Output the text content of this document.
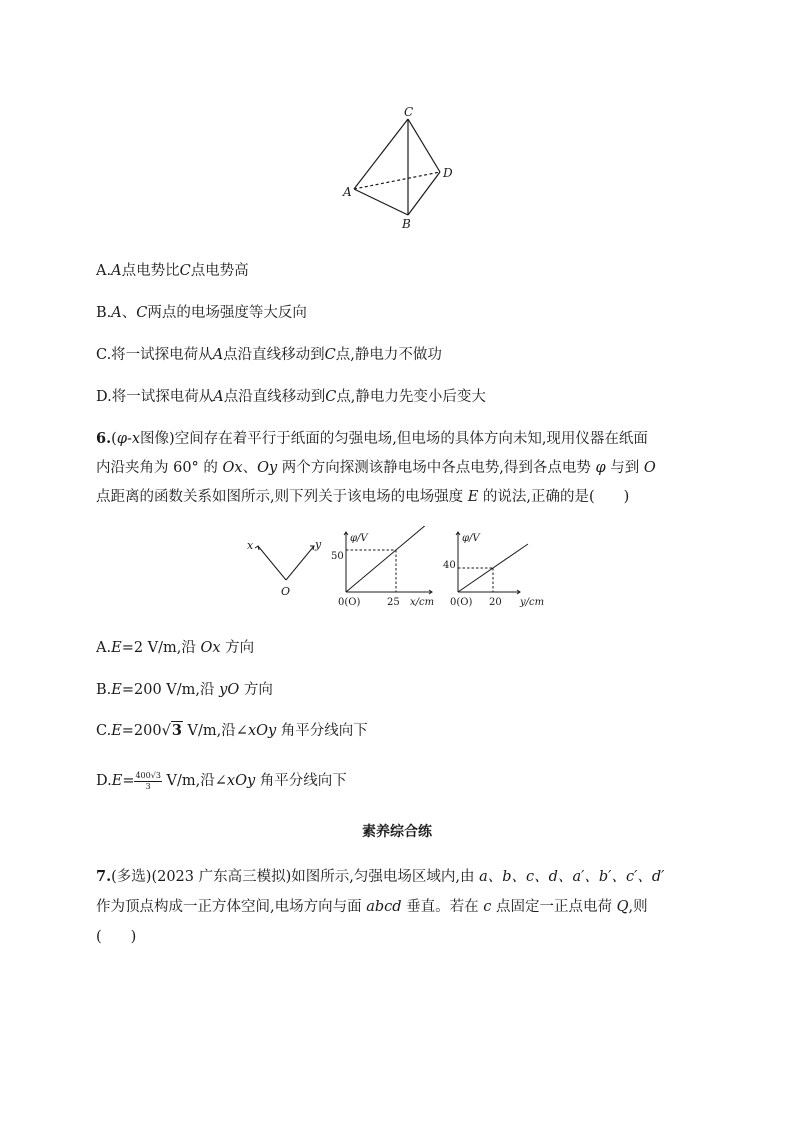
C
A
B
D
A.A点电势比C点电势高
B.A、C两点的电场强度等大反向
C.将一试探电荷从A点沿直线移动到C点,静电力不做功
D.将一试探电荷从A点沿直线移动到C点,静电力先变小后变大
6.(φ-x图像)空间存在着平行于纸面的匀强电场,但电场的具体方向未知,现用仪器在纸面
内沿夹角为 60° 的 Ox、Oy 两个方向探测该静电场中各点电势,得到各点电势 φ 与到 O
点距离的函数关系如图所示,则下列关于该电场的电场强度 E 的说法,正确的是(　　)
x	y
O
φ/V
50
25 x/cm
0(O)
φ/V
40
20 y/cm
0(O)
A.E=2 V/m,沿 Ox 方向
B.E=200 V/m,沿 yO 方向
C.E=200√3 V/m,沿∠xOy 角平分线向下
$D.E= \frac{400√3}{3} V/m$,沿∠xOy 角平分线向下
素养综合练
7.(多选)(2023 广东高三模拟)如图所示,匀强电场区域内,由 a、b、c、d、a′、b′、c′、d′
作为顶点构成一正方体空间,电场方向与面 abcd 垂直。若在 c 点固定一正点电荷 Q,则
(　　)
